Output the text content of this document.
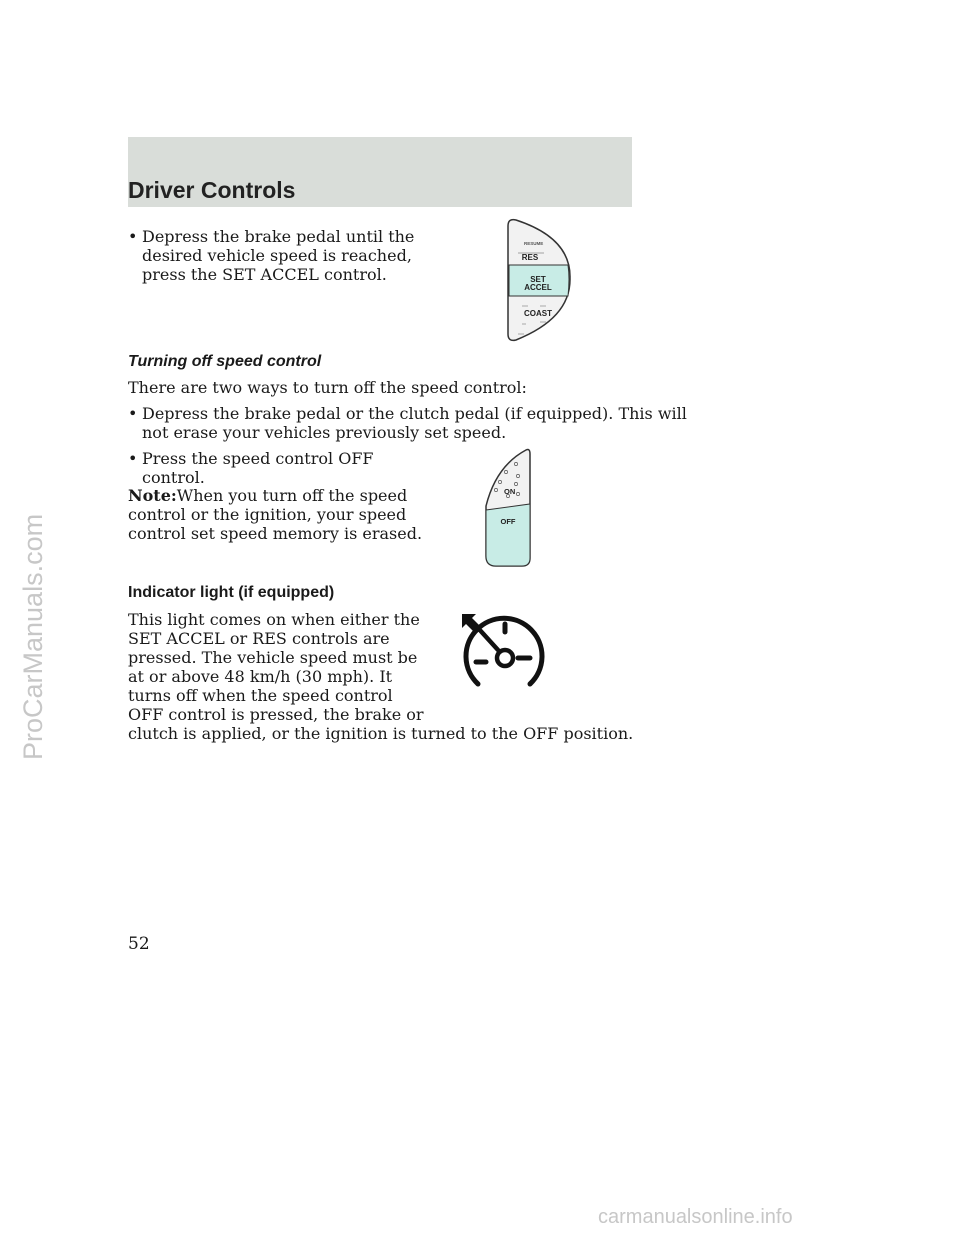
Driver Controls
• Depress the brake pedal until the
desired vehicle speed is reached,
press the SET ACCEL control.
RESUME
RES
SET
ACCEL
COAST
Turning off speed control
There are two ways to turn off the speed control:
• Depress the brake pedal or the clutch pedal (if equipped). This will
not erase your vehicles previously set speed.
• Press the speed control OFF
control.
Note:When you turn off the speed
control or the ignition, your speed
control set speed memory is erased.
ON
OFF
Indicator light (if equipped)
This light comes on when either the
SET ACCEL or RES controls are
pressed. The vehicle speed must be
at or above 48 km/h (30 mph). It
turns off when the speed control
OFF control is pressed, the brake or
clutch is applied, or the ignition is turned to the OFF position.
52
ProCarManuals.com
carmanualsonline.info
